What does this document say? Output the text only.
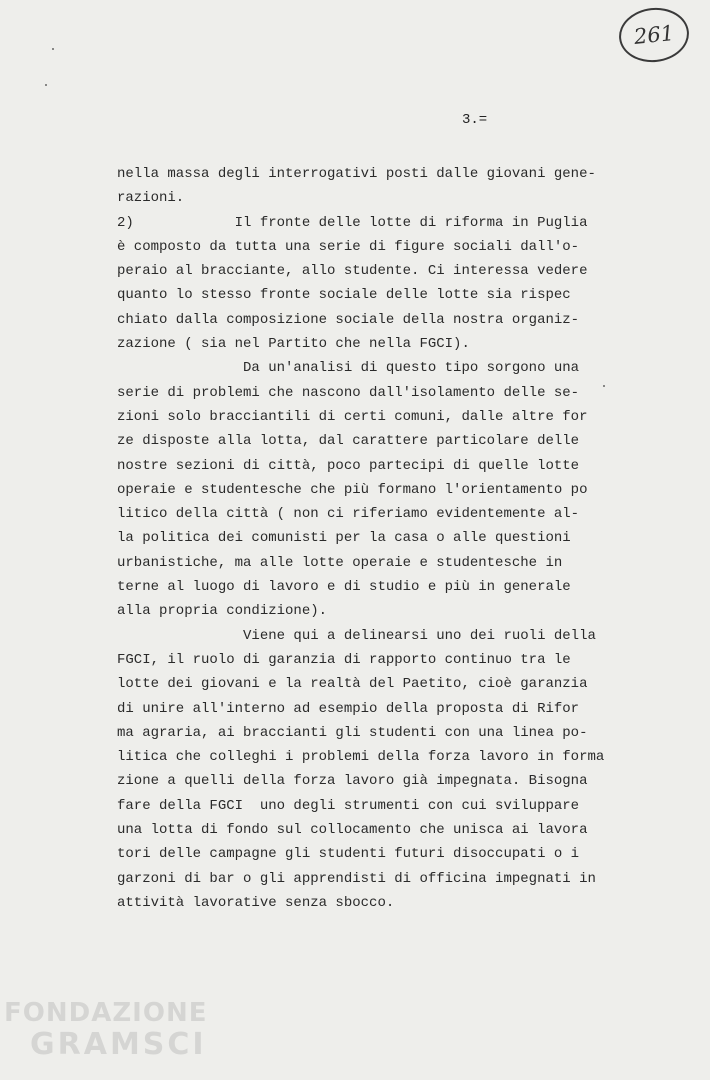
261
3.=
nella massa degli interrogativi posti dalle giovani gene-
razioni.
2)            Il fronte delle lotte di riforma in Puglia
è composto da tutta una serie di figure sociali dall'o-
peraio al bracciante, allo studente. Ci interessa vedere
quanto lo stesso fronte sociale delle lotte sia rispec
chiato dalla composizione sociale della nostra organiz-
zazione ( sia nel Partito che nella FGCI).
Da un'analisi di questo tipo sorgono una
serie di problemi che nascono dall'isolamento delle se-
zioni solo bracciantili di certi comuni, dalle altre for
ze disposte alla lotta, dal carattere particolare delle
nostre sezioni di città, poco partecipi di quelle lotte
operaie e studentesche che più formano l'orientamento po
litico della città ( non ci riferiamo evidentemente al-
la politica dei comunisti per la casa o alle questioni
urbanistiche, ma alle lotte operaie e studentesche in
terne al luogo di lavoro e di studio e più in generale
alla propria condizione).
Viene qui a delinearsi uno dei ruoli della
FGCI, il ruolo di garanzia di rapporto continuo tra le
lotte dei giovani e la realtà del Paetito, cioè garanzia
di unire all'interno ad esempio della proposta di Rifor
ma agraria, ai braccianti gli studenti con una linea po-
litica che colleghi i problemi della forza lavoro in forma
zione a quelli della forza lavoro già impegnata. Bisogna
fare della FGCI  uno degli strumenti con cui sviluppare
una lotta di fondo sul collocamento che unisca ai lavora
tori delle campagne gli studenti futuri disoccupati o i
garzoni di bar o gli apprendisti di officina impegnati in
attività lavorative senza sbocco.
FONDAZIONE
GRAMSCI
